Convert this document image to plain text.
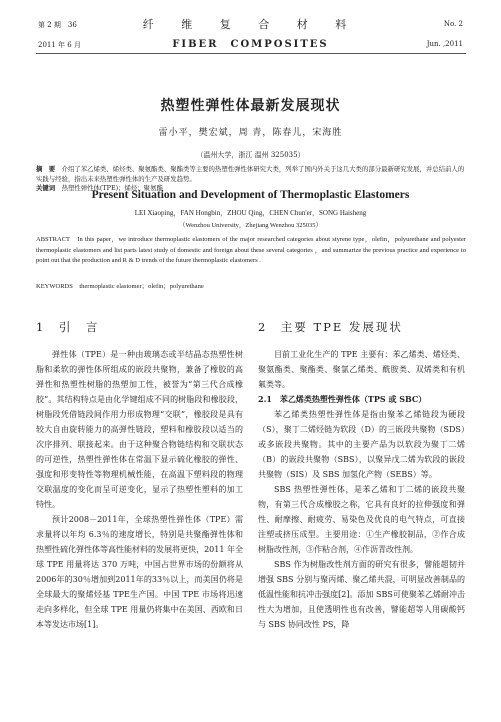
第 2 期　36
2011 年 6 月
纤 维 复 合 材 料
FIBER　COMPOSITES
No. 2
Jun. ,2011
热塑性弹性体最新发展现状
雷小平，樊宏斌，周 青，陈春儿，宋海胜
（温州大学，浙江 温州 325035）
摘　要　 介绍了苯乙烯类、烯烃类、聚氨酯类、聚酯类等主要的热塑性弹性体研究大类，列举了国内外关于这几大类的部分最新研究发展，并总结前人的实践与经验，指出未来热塑性弹性体的生产及研发趋势。
关键词　 热塑性弹性体(TPE)；烯烃；聚氨酯
Present Situation and Development of Thermoplastic Elastomers
LEI Xiaoping，FAN Hongbin，ZHOU Qing，CHEN Chun'er，SONG Haisheng
（Wenzhou University，Zhejiang Wenzhou 325035）
ABSTRACT　 In this paper，we introduce thermoplastic elastomers of the major researched categories about styrene type，olefin，polyurethane and polyester thermoplastic elastomers and list parts latest study of domestic and foreign about these several categories ，and summarize the previous practice and experience to point out that the production and R & D trends of the future thermoplastic elastomers .
KEYWORDS　 thermoplastic elastomer；olefin；polyurethane
1　引　言

弹性体（TPE）是一种由玻璃态或半结晶态热塑性树脂和柔软的弹性体所组成的嵌段共聚物，兼备了橡胶的高弹性和热塑性树脂的热塑加工性，被誉为“第三代合成橡胶”。其结构特点是由化学键组成不同的树脂段和橡胶段，树脂段凭借链段间作用力形成物理“交联”，橡胶段是具有较大自由旋转能力的高弹性链段，塑料和橡胶段以适当的次序排列、联接起来。由于这种聚合物链结构和交联状态的可逆性，热塑性弹性体在常温下显示硫化橡胶的弹性、强度和形变特性等物理机械性能，在高温下塑料段的物理交联温度的变化而呈可逆变化，显示了热塑性塑料的加工特性。

预计2008－2011年，全球热塑性弹性体（TPE）需求量将以年均 6.3％的速度增长，特别是共聚酯弹性体和热塑性硫化弹性体等高性能材料的发展将更快，2011 年全球 TPE 用量将达 370 万吨，中国占世界市场的份额将从2006年的30％增加到2011年的33％以上，而美国仍将是全球最大的聚烯烃基 TPE生产国。中国 TPE 市场将迅速走向多样化，但全球 TPE 用量仍将集中在美国、西欧和日本等发达市场[1]。

2　主要 TPE 发展现状

目前工业化生产的 TPE 主要有：苯乙烯类、烯烃类、聚氨酯类、聚酯类、聚氯乙烯类、酰胺类、双烯类和有机氟类等。

2.1　苯乙烯类热塑性弹性体（TPS 或 SBC）

苯乙烯类热塑性弹性体是指由聚苯乙烯链段为硬段（S），聚丁二烯烃链为软段（D）的三嵌段共聚物（SDS）或多嵌段共聚物。其中的主要产品为以软段为聚丁二烯（B）的嵌段共聚物（SBS），以聚异戊二烯为软段的嵌段共聚物（SIS）及 SBS 加氢化产物（SEBS）等。

SBS 热塑性弹性体，是苯乙烯和丁二烯的嵌段共聚物，有第三代合成橡胶之称，它具有良好的拉伸强度和弹性、耐摩擦、耐疲劳、易染色及优良的电气特点，可直接注塑或挤压成型。主要用途：①生产橡胶制品，②作合成树脂改性剂，③作粘合剂，④作沥青改性剂。

SBS 作为树脂改性剂方面的研究有很多，譬能超韧并增强 SBS 分别与聚丙烯、聚乙烯共混，可明显改善制品的低温性能和抗冲击强度[2]。添加 SBS可使聚苯乙烯耐冲击性大为增加，且使透明性也有改善，譬能超等人用碳酸钙与 SBS 协同改性 PS，降
